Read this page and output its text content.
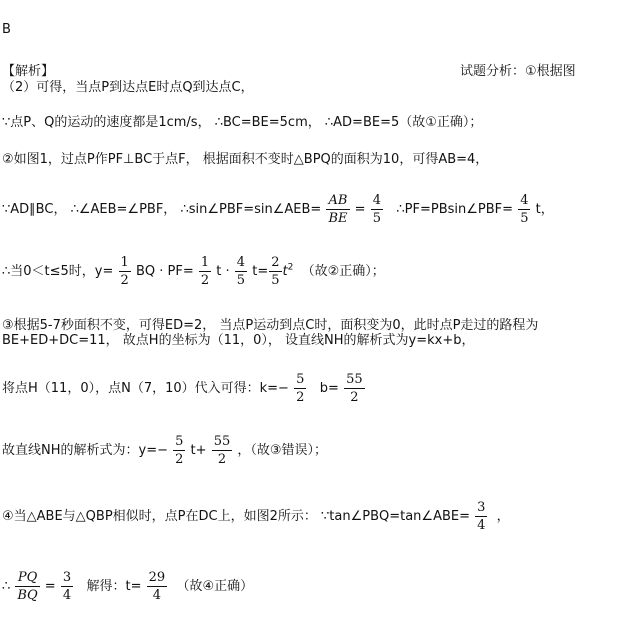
B
【解析】	试题分析：①根据图
（2）可得，当点P到达点E时点Q到达点C，
∵点P、Q的运动的速度都是1cm/s， ∴BC=BE=5cm， ∴AD=BE=5（故①正确）；
②如图1，过点P作PF⊥BC于点F， 根据面积不变时△BPQ的面积为10，可得AB=4，
∵AD∥BC， ∴∠AEB=∠PBF， ∴sin∠PBF=sin∠AEB= $\frac{AB}{BE} = \frac{4}{5}$ ∴PF=PBsin∠PBF= $\frac{4}{5}$ t，
∴当0＜t≤5时，$y= \frac{1}{2}$ BQ · $PF= \frac{1}{2}$ $t \cdot \frac{4}{5} t= \frac{2}{5} t^2$ （故②正确）；
③根据5-7秒面积不变，可得ED=2， 当点P运动到点C时，面积变为0，此时点P走过的路程为
BE+ED+DC=11， 故点H的坐标为（11，0）， 设直线NH的解析式为y=kx+b，
将点H（11，0），点N（7，10）代入可得：$k=- \frac{5}{2} b= \frac{55}{2}$
故直线NH的解析式为：$y=- \frac{5}{2} t+ \frac{55}{2}$ ，（故③错误）；
④当△ABE与△QBP相似时，点P在DC上，如图2所示： ∵tan∠PBQ=tan∠ABE= $\frac{3}{4}$ ，
∴ $\frac{PQ}{BQ} = \frac{3}{4}$ 解得：$t= \frac{29}{4}$ （故④正确）
